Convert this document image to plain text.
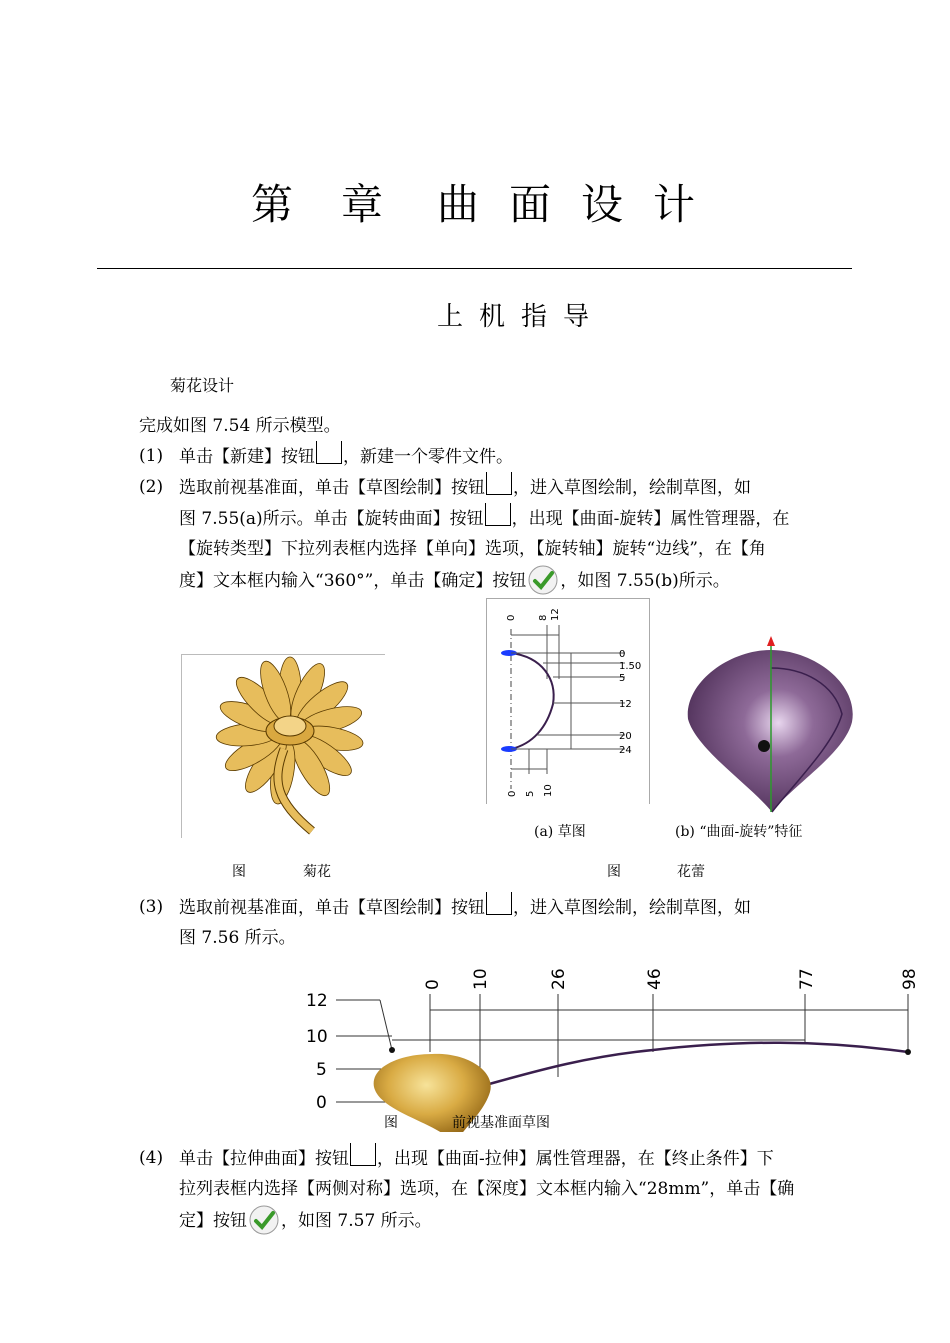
第 章 曲 面 设 计
上 机 指 导
菊花设计
完成如图 7.54 所示模型。
(1) 单击【新建】按钮 ，新建一个零件文件。
(2) 选取前视基准面，单击【草图绘制】按钮 ，进入草图绘制，绘制草图，如
图 7.55(a)所示。单击【旋转曲面】按钮 ，出现【曲面-旋转】属性管理器，在
【旋转类型】下拉列表框内选择【单向】选项，【旋转轴】旋转“边线”，在【角
度】文本框内输入“360°”，单击【确定】按钮 ，如图 7.55(b)所示。
0 8 12
0
1.50
5
12
20
24
0 5 10
(a) 草图	(b) “曲面-旋转”特征
图	菊花	图	花蕾
(3) 选取前视基准面，单击【草图绘制】按钮 ，进入草图绘制，绘制草图，如
图 7.56 所示。
0 10	26	46	77	98
12
10
5
0
图	前视基准面草图
(4) 单击【拉伸曲面】按钮 ，出现【曲面-拉伸】属性管理器，在【终止条件】下
拉列表框内选择【两侧对称】选项，在【深度】文本框内输入“28mm”，单击【确
定】按钮 ，如图 7.57 所示。
